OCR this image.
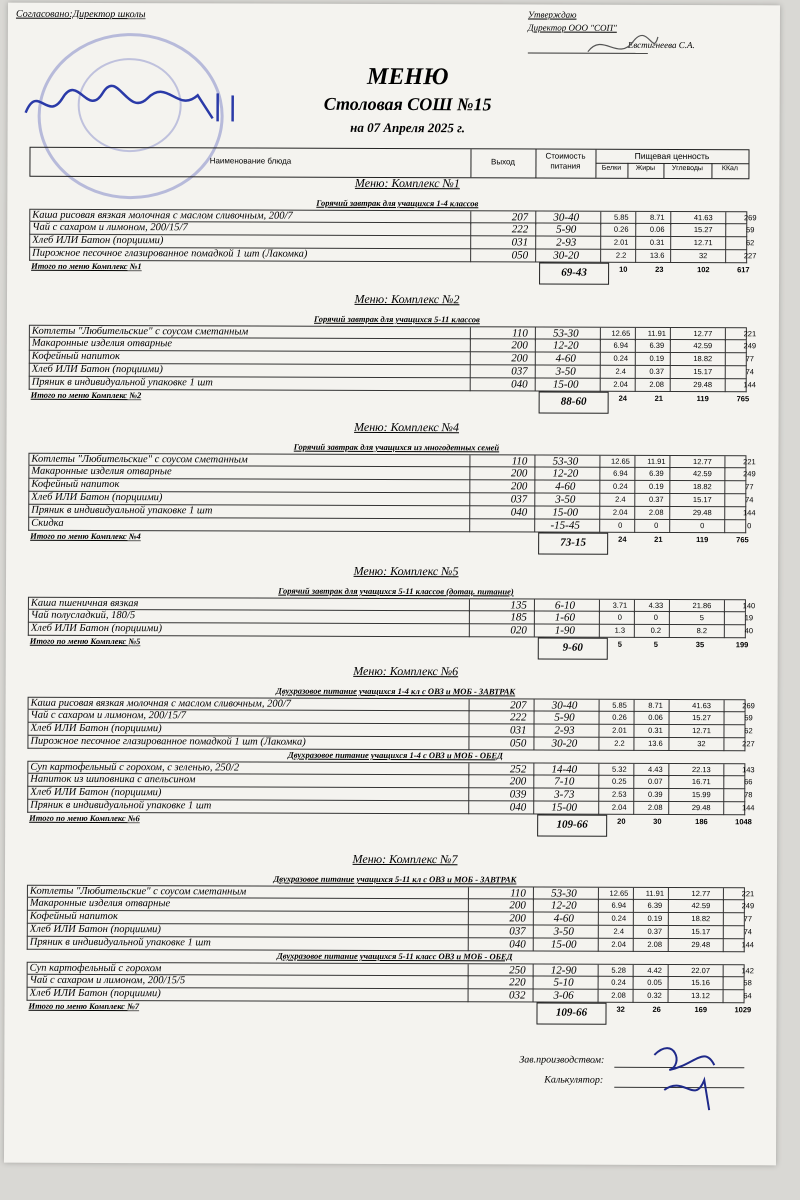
Согласовано:Директор школы	Утверждаю
Директор ООО "СОП"
Евстигнеева С.А.
МЕНЮ
Столовая СОШ №15
на 07 Апреля 2025 г.
Наименование блюда	Выход
Стоимость питания
Пищевая ценность
Белки	Жиры	Углеводы	ККал
Меню: Комплекс №1
Горячий завтрак для учащихся 1-4 классов
Каша рисовая вязкая молочная с маслом сливочным, 200/7	207	30-40	5.85	8.71	41.63	269
Чай с сахаром и лимоном, 200/15/7	222	5-90	0.26	0.06	15.27	59
Хлеб ИЛИ Батон (порциими)	031	2-93	2.01	0.31	12.71	62
Пирожное песочное глазированное помадкой 1 шт (Лакомка)	050	30-20	2.2	13.6	32	227
Итого по меню Комплекс №1
69-43	10	23	102	617
Меню: Комплекс №2
Горячий завтрак для учащихся 5-11 классов
Котлеты "Любительские" с соусом сметанным	110	53-30	12.65	11.91	12.77	221
Макаронные изделия отварные	200	12-20	6.94	6.39	42.59	249
Кофейный напиток	200	4-60	0.24	0.19	18.82	77
Хлеб ИЛИ Батон (порциими)	037	3-50	2.4	0.37	15.17	74
Пряник в индивидуальной упаковке 1 шт	040	15-00	2.04	2.08	29.48	144
Итого по меню Комплекс №2
88-60	24	21	119	765
Меню: Комплекс №4
Горячий завтрак для учащихся из многодетных семей
Котлеты "Любительские" с соусом сметанным	110	53-30	12.65	11.91	12.77	221
Макаронные изделия отварные	200	12-20	6.94	6.39	42.59	249
Кофейный напиток	200	4-60	0.24	0.19	18.82	77
Хлеб ИЛИ Батон (порциими)	037	3-50	2.4	0.37	15.17	74
Пряник в индивидуальной упаковке 1 шт	040	15-00	2.04	2.08	29.48	144
Скидка	-15-45	0	0	0	0
Итого по меню Комплекс №4
73-15	24	21	119	765
Меню: Комплекс №5
Горячий завтрак для учащихся 5-11 классов (дотац. питание)
Каша пшеничная вязкая	135	6-10	3.71	4.33	21.86	140
Чай полусладкий, 180/5	185	1-60	0	0	5	19
Хлеб ИЛИ Батон (порциими)	020	1-90	1.3	0.2	8.2	40
Итого по меню Комплекс №5
9-60	5	5	35	199
Меню: Комплекс №6
Двухразовое питание учащихся 1-4 кл с ОВЗ и МОБ - ЗАВТРАК
Каша рисовая вязкая молочная с маслом сливочным, 200/7	207	30-40	5.85	8.71	41.63	269
Чай с сахаром и лимоном, 200/15/7	222	5-90	0.26	0.06	15.27	59
Хлеб ИЛИ Батон (порциими)	031	2-93	2.01	0.31	12.71	62
Пирожное песочное глазированное помадкой 1 шт (Лакомка)	050	30-20	2.2	13.6	32	227
Двухразовое питание учащихся 1-4 с ОВЗ и МОБ - ОБЕД
Суп картофельный с горохом, с зеленью, 250/2	252	14-40	5.32	4.43	22.13	143
Напиток из шиповника с апельсином	200	7-10	0.25	0.07	16.71	66
Хлеб ИЛИ Батон (порциими)	039	3-73	2.53	0.39	15.99	78
Пряник в индивидуальной упаковке 1 шт	040	15-00	2.04	2.08	29.48	144
Итого по меню Комплекс №6
109-66	20	30	186	1048
Меню: Комплекс №7
Двухразовое питание учащихся 5-11 кл с ОВЗ и МОБ - ЗАВТРАК
Котлеты "Любительские" с соусом сметанным	110	53-30	12.65	11.91	12.77	221
Макаронные изделия отварные	200	12-20	6.94	6.39	42.59	249
Кофейный напиток	200	4-60	0.24	0.19	18.82	77
Хлеб ИЛИ Батон (порциими)	037	3-50	2.4	0.37	15.17	74
Пряник в индивидуальной упаковке 1 шт	040	15-00	2.04	2.08	29.48	144
Двухразовое питание учащихся 5-11 класс ОВЗ и МОБ - ОБЕД
Суп картофельный с горохом	250	12-90	5.28	4.42	22.07	142
Чай с сахаром и лимоном, 200/15/5	220	5-10	0.24	0.05	15.16	58
Хлеб ИЛИ Батон (порциими)	032	3-06	2.08	0.32	13.12	64
Итого по меню Комплекс №7
109-66	32	26	169	1029
Зав.производством:
Калькулятор:
